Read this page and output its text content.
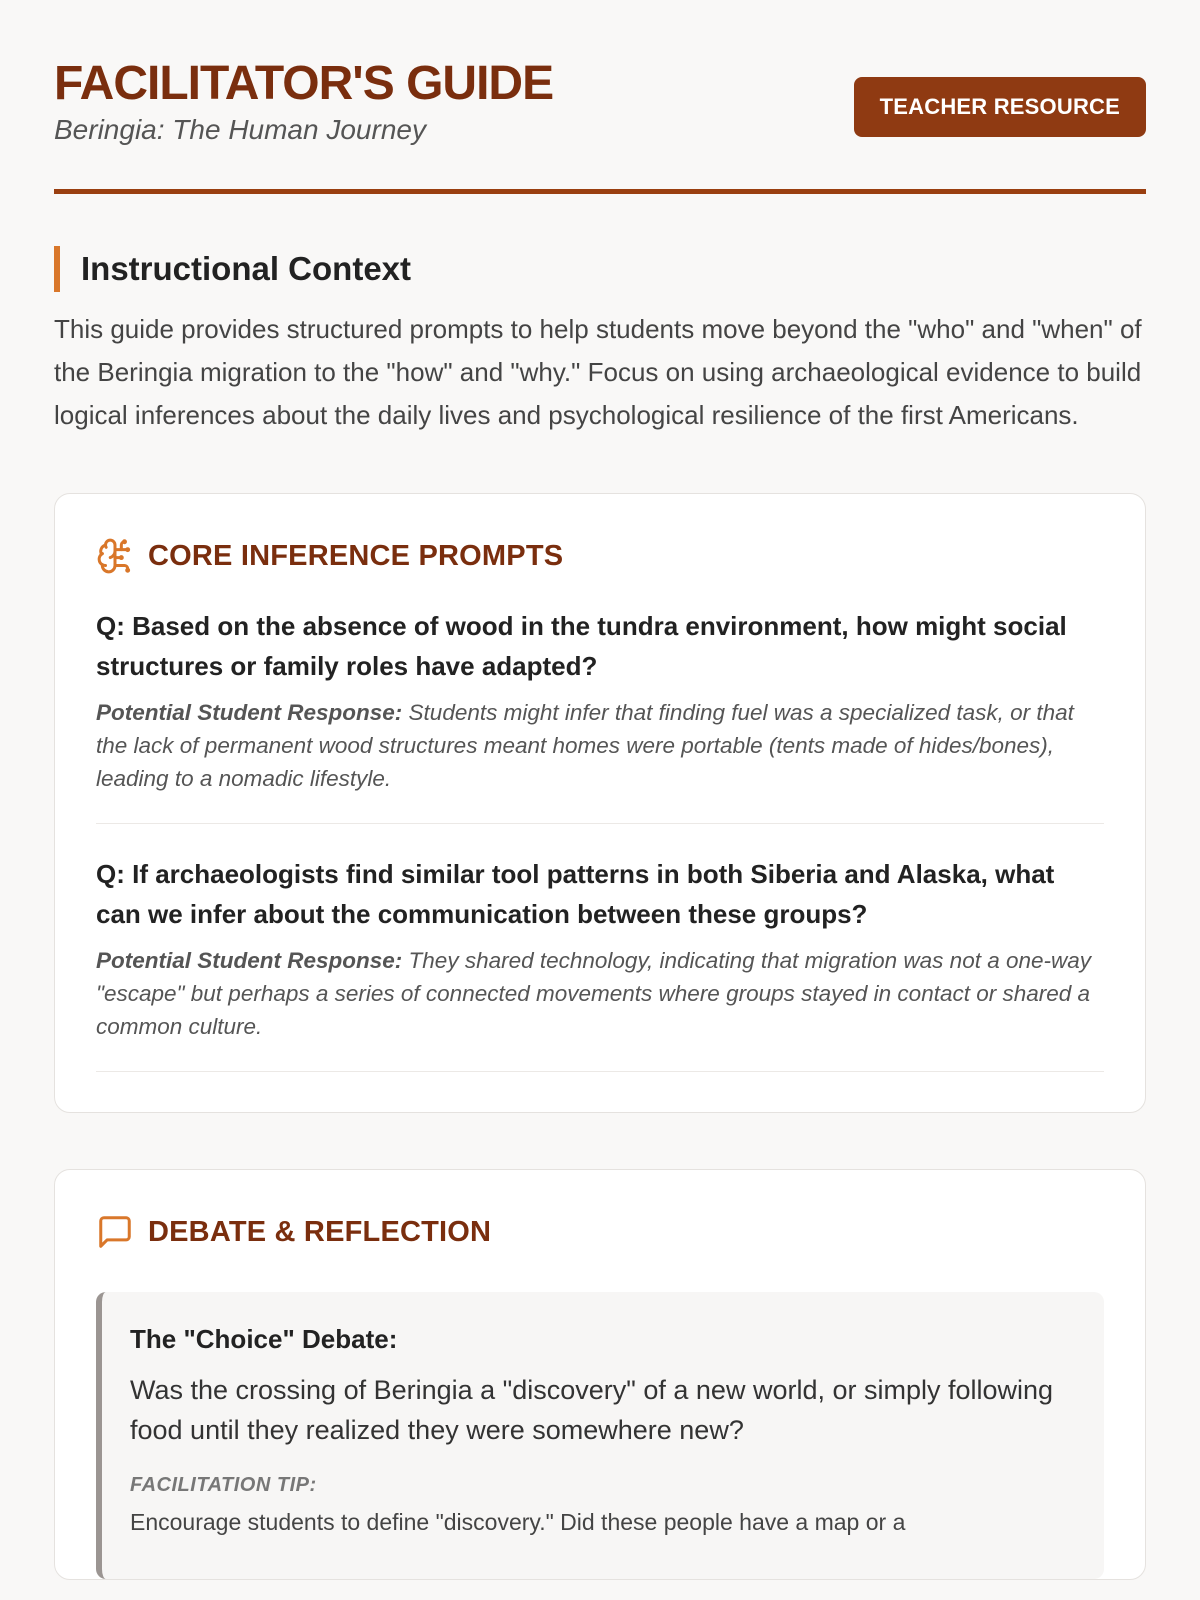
FACILITATOR'S GUIDE
Beringia: The Human Journey
TEACHER RESOURCE
Instructional Context

This guide provides structured prompts to help students move beyond the "who" and "when" of the Beringia migration to the "how" and "why." Focus on using archaeological evidence to build logical inferences about the daily lives and psychological resilience of the first Americans.

CORE INFERENCE PROMPTS
Q: Based on the absence of wood in the tundra environment, how might social structures or family roles have adapted?
Potential Student Response: Students might infer that finding fuel was a specialized task, or that the lack of permanent wood structures meant homes were portable (tents made of hides/bones), leading to a nomadic lifestyle.
Q: If archaeologists find similar tool patterns in both Siberia and Alaska, what can we infer about the communication between these groups?
Potential Student Response: They shared technology, indicating that migration was not a one-way "escape" but perhaps a series of connected movements where groups stayed in contact or shared a common culture.
DEBATE & REFLECTION
The "Choice" Debate:
Was the crossing of Beringia a "discovery" of a new world, or simply following food until they realized they were somewhere new?
FACILITATION TIP:
Encourage students to define "discovery." Did these people have a map or a
